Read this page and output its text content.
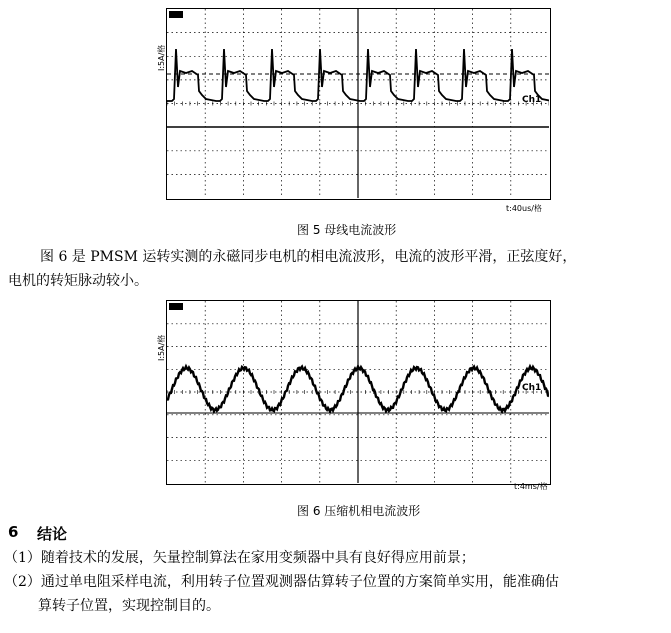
I:5A/格
t:40us/格
Ch1
图 5 母线电流波形
图 6 是 PMSM 运转实测的永磁同步电机的相电流波形，电流的波形平滑，正弦度好，
电机的转矩脉动较小。
I:5A/格
t:4ms/格
Ch1
图 6 压缩机相电流波形
6 结论
（1）随着技术的发展，矢量控制算法在家用变频器中具有良好得应用前景；
（2）通过单电阻采样电流，利用转子位置观测器估算转子位置的方案简单实用，能准确估
算转子位置，实现控制目的。
